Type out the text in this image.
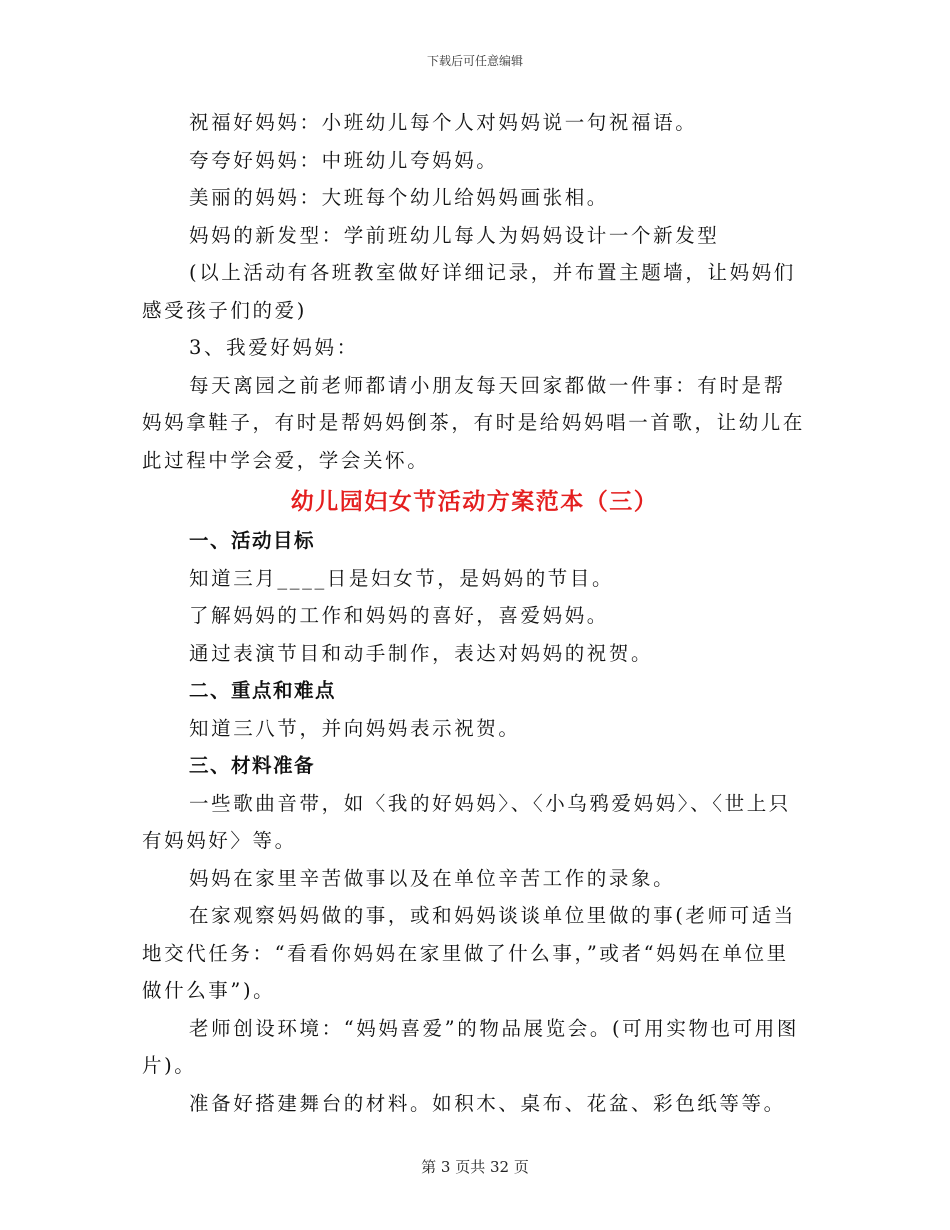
下载后可任意编辑

祝福好妈妈：小班幼儿每个人对妈妈说一句祝福语。

夸夸好妈妈：中班幼儿夸妈妈。

美丽的妈妈：大班每个幼儿给妈妈画张相。

妈妈的新发型：学前班幼儿每人为妈妈设计一个新发型

(以上活动有各班教室做好详细记录，并布置主题墙，让妈妈们感受孩子们的爱)

3、我爱好妈妈：

每天离园之前老师都请小朋友每天回家都做一件事：有时是帮妈妈拿鞋子，有时是帮妈妈倒茶，有时是给妈妈唱一首歌，让幼儿在此过程中学会爱，学会关怀。

幼儿园妇女节活动方案范本（三）

一、活动目标

知道三月____日是妇女节，是妈妈的节目。

了解妈妈的工作和妈妈的喜好，喜爱妈妈。

通过表演节目和动手制作，表达对妈妈的祝贺。

二、重点和难点

知道三八节，并向妈妈表示祝贺。

三、材料准备

一些歌曲音带，如〈我的好妈妈〉、〈小乌鸦爱妈妈〉、〈世上只有妈妈好〉等。

妈妈在家里辛苦做事以及在单位辛苦工作的录象。

在家观察妈妈做的事，或和妈妈谈谈单位里做的事(老师可适当地交代任务：“看看你妈妈在家里做了什么事，”或者“妈妈在单位里做什么事”)。

老师创设环境：“妈妈喜爱”的物品展览会。(可用实物也可用图片)。

准备好搭建舞台的材料。如积木、桌布、花盆、彩色纸等等。

第 3 页共 32 页
